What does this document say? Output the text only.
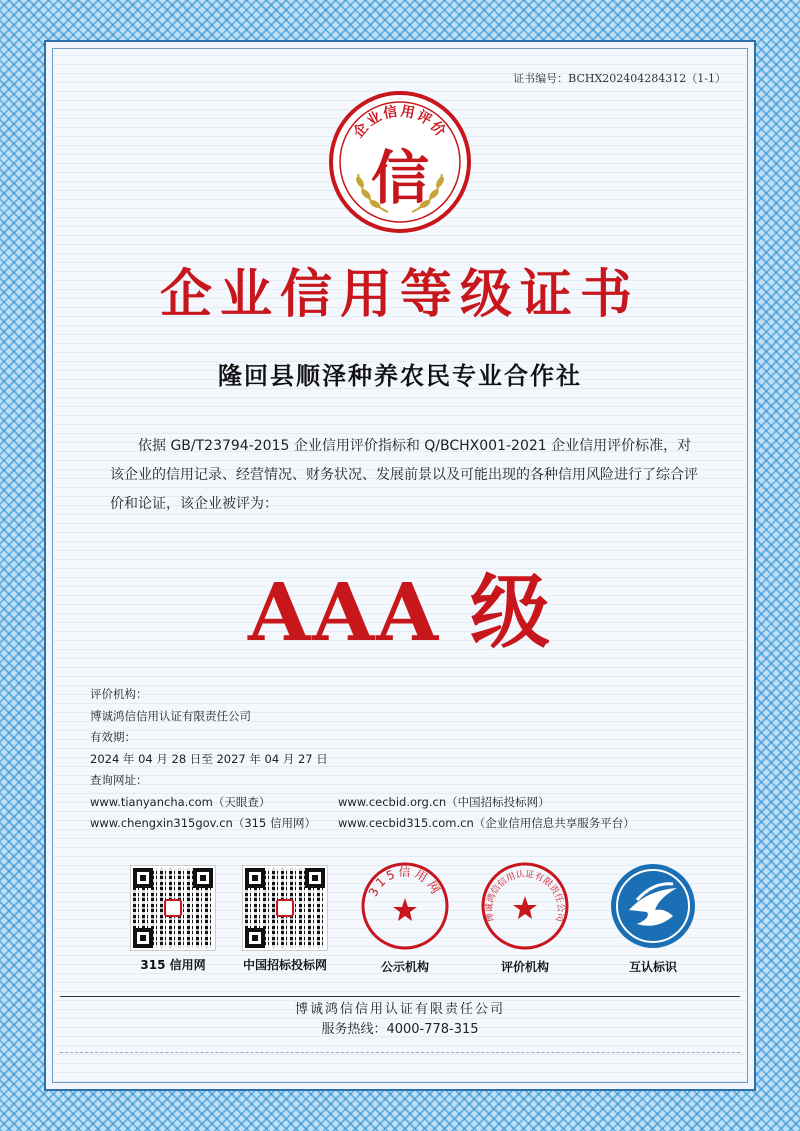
证书编号：BCHX202404284312（1-1）
企业信用评价
信
企业信用等级证书
隆回县顺泽种养农民专业合作社
依据 GB/T23794-2015 企业信用评价指标和 Q/BCHX001-2021 企业信用评价标准，对该企业的信用记录、经营情况、财务状况、发展前景以及可能出现的各种信用风险进行了综合评价和论证，该企业被评为：
AAA 级
评价机构：
博诚鸿信信用认证有限责任公司
有效期：
2024 年 04 月 28 日至 2027 年 04 月 27 日
查询网址：
www.tianyancha.com（天眼查）	www.cecbid.org.cn（中国招标投标网）
www.chengxin315gov.cn（315 信用网） www.cecbid315.com.cn（企业信用信息共享服务平台）
315 信用网	中国招标投标网
315信用网
公示机构
博诚鸿信信用认证有限责任公司
评价机构	互认标识
博诚鸿信信用认证有限责任公司
服务热线：4000-778-315
